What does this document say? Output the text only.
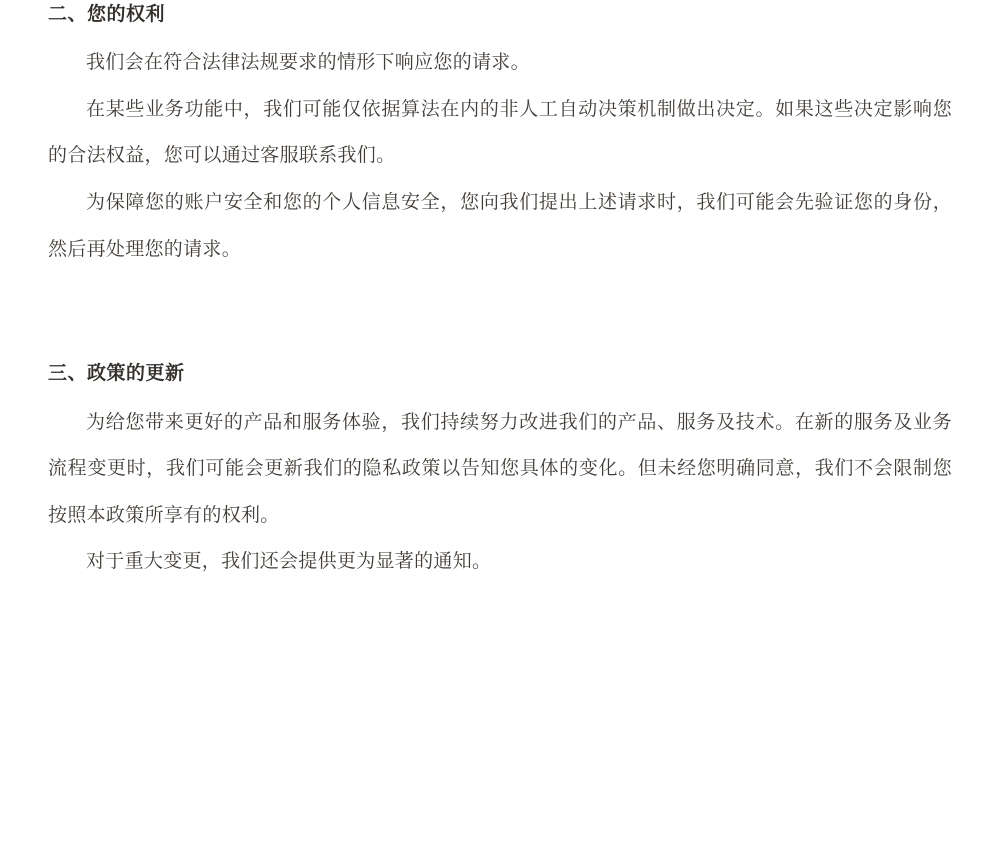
二、您的权利

我们会在符合法律法规要求的情形下响应您的请求。

在某些业务功能中，我们可能仅依据算法在内的非人工自动决策机制做出决定。如果这些决定影响您的合法权益，您可以通过客服联系我们。

为保障您的账户安全和您的个人信息安全，您向我们提出上述请求时，我们可能会先验证您的身份，然后再处理您的请求。

三、政策的更新

为给您带来更好的产品和服务体验，我们持续努力改进我们的产品、服务及技术。在新的服务及业务流程变更时，我们可能会更新我们的隐私政策以告知您具体的变化。但未经您明确同意，我们不会限制您按照本政策所享有的权利。

对于重大变更，我们还会提供更为显著的通知。
